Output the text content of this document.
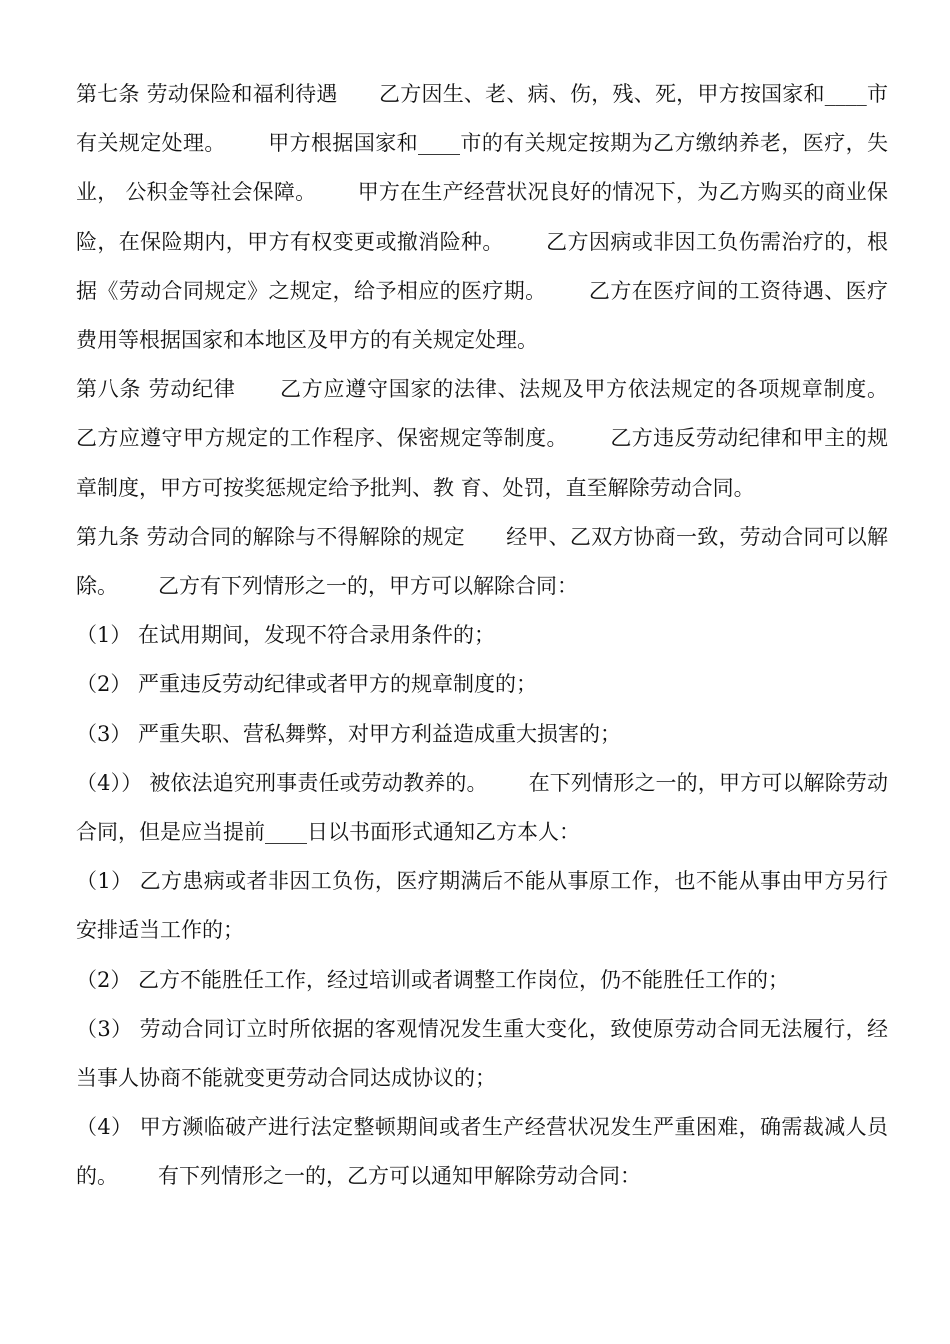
第七条 劳动保险和福利待遇      乙方因生、老、病、伤，残、死，甲方按国家和____市有关规定处理。      甲方根据国家和____市的有关规定按期为乙方缴纳养老，医疗，失业， 公积金等社会保障。      甲方在生产经营状况良好的情况下，为乙方购买的商业保险，在保险期内，甲方有权变更或撤消险种。      乙方因病或非因工负伤需治疗的，根据《劳动合同规定》之规定，给予相应的医疗期。      乙方在医疗间的工资待遇、医疗费用等根据国家和本地区及甲方的有关规定处理。

第八条 劳动纪律      乙方应遵守国家的法律、法规及甲方依法规定的各项规章制度。      乙方应遵守甲方规定的工作程序、保密规定等制度。      乙方违反劳动纪律和甲主的规章制度，甲方可按奖惩规定给予批判、教 育、处罚，直至解除劳动合同。

第九条 劳动合同的解除与不得解除的规定      经甲、乙双方协商一致，劳动合同可以解除。      乙方有下列情形之一的，甲方可以解除合同：

（1） 在试用期间，发现不符合录用条件的；

（2） 严重违反劳动纪律或者甲方的规章制度的；

（3） 严重失职、营私舞弊，对甲方利益造成重大损害的；

（4）） 被依法追究刑事责任或劳动教养的。      在下列情形之一的，甲方可以解除劳动合同，但是应当提前____日以书面形式通知乙方本人：

（1） 乙方患病或者非因工负伤，医疗期满后不能从事原工作，也不能从事由甲方另行安排适当工作的；

（2） 乙方不能胜任工作，经过培训或者调整工作岗位，仍不能胜任工作的；

（3） 劳动合同订立时所依据的客观情况发生重大变化，致使原劳动合同无法履行，经当事人协商不能就变更劳动合同达成协议的；

（4） 甲方濒临破产进行法定整顿期间或者生产经营状况发生严重困难，确需裁减人员的。      有下列情形之一的，乙方可以通知甲解除劳动合同：
